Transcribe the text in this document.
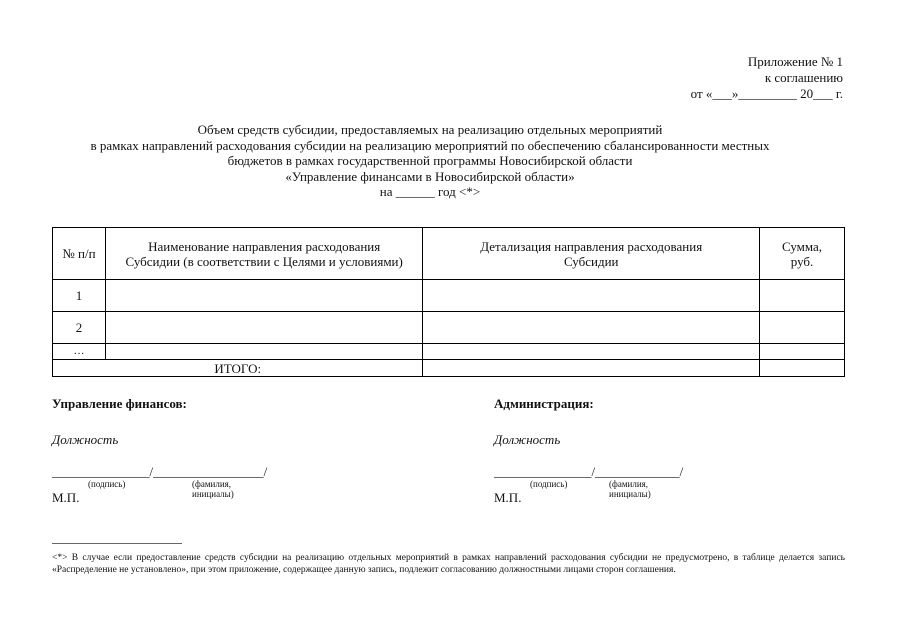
Приложение № 1
к соглашению
от «___»_________ 20___ г.
Объем средств субсидии, предоставляемых на реализацию отдельных мероприятий
в рамках направлений расходования субсидии на реализацию мероприятий по обеспечению сбалансированности местных
бюджетов в рамках государственной программы Новосибирской области
«Управление финансами в Новосибирской области»
на ______ год <*>
№ п/п	Наименование направления расходования Субсидии (в соответствии с Целями и условиями)	Детализация направления расходования Субсидии	Сумма, руб.
1			
2			
…			
ИТОГО:			
Управление финансов:
Должность
_______________/_________________/
(подпись)	(фамилия, инициалы)
М.П.
Администрация:
Должность
_______________/_____________/
(подпись)	(фамилия, инициалы)
М.П.
<*> В случае если предоставление средств субсидии на реализацию отдельных мероприятий в рамках направлений расходования субсидии не предусмотрено, в таблице делается запись «Распределение не установлено», при этом приложение, содержащее данную запись, подлежит согласованию должностными лицами сторон соглашения.
